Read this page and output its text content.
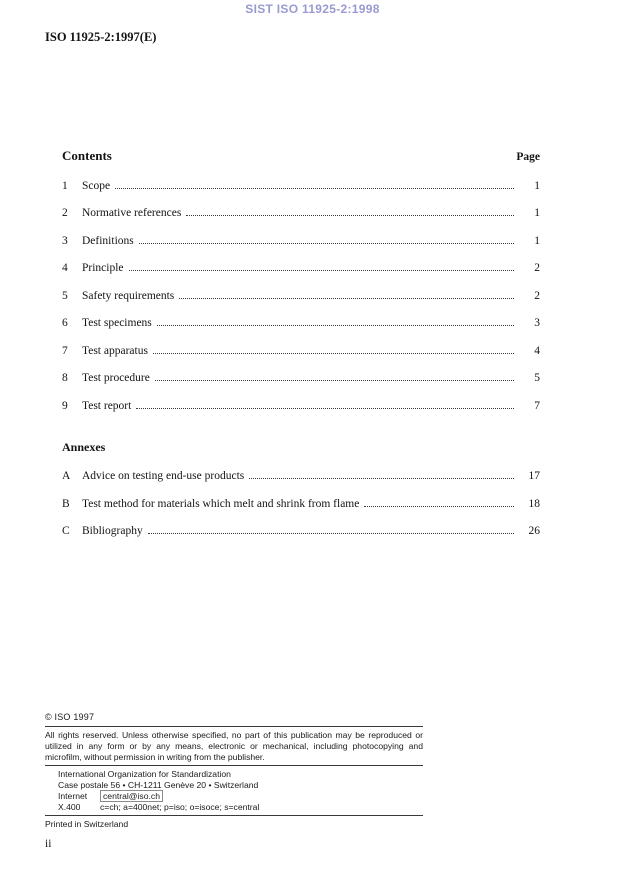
SIST ISO 11925-2:1998
ISO 11925-2:1997(E)
Contents	Page
1	Scope	1
2	Normative references	1
3	Definitions	1
4	Principle	2
5	Safety requirements	2
6	Test specimens	3
7	Test apparatus	4
8	Test procedure	5
9	Test report	7
Annexes
A	Advice on testing end-use products	17
B	Test method for materials which melt and shrink from flame	18
C	Bibliography	26
© ISO 1997
All rights reserved. Unless otherwise specified, no part of this publication may be reproduced or utilized in any form or by any means, electronic or mechanical, including photocopying and microfilm, without permission in writing from the publisher.
International Organization for Standardization
Case postale 56 • CH-1211 Genève 20 • Switzerland
Internet central@iso.ch
X.400 c=ch; a=400net; p=iso; o=isoce; s=central
Printed in Switzerland
ii
